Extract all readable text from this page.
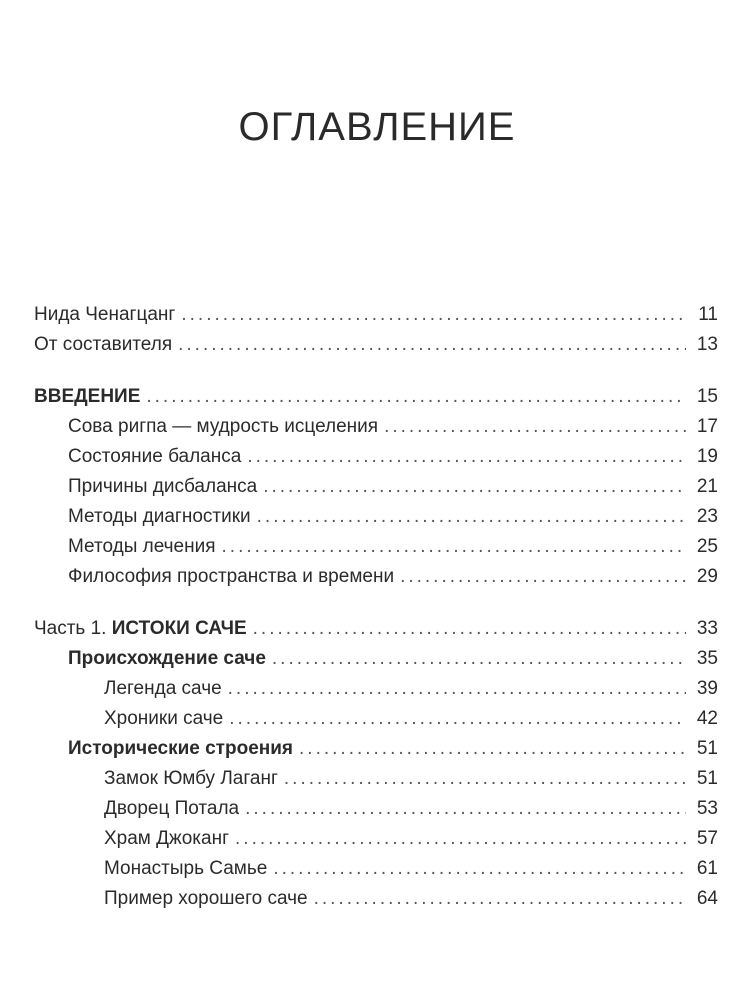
ОГЛАВЛЕНИЕ
Нида Ченагцанг .....	11
От составителя .....	13
ВВЕДЕНИЕ .....	15
Сова ригпа — мудрость исцеления .....	17
Состояние баланса .....	19
Причины дисбаланса .....	21
Методы диагностики .....	23
Методы лечения .....	25
Философия пространства и времени .....	29
Часть 1. ИСТОКИ САЧЕ .....	33
Происхождение саче .....	35
Легенда саче .....	39
Хроники саче .....	42
Исторические строения .....	51
Замок Юмбу Лаганг .....	51
Дворец Потала .....	53
Храм Джоканг .....	57
Монастырь Самье .....	61
Пример хорошего саче .....	64
